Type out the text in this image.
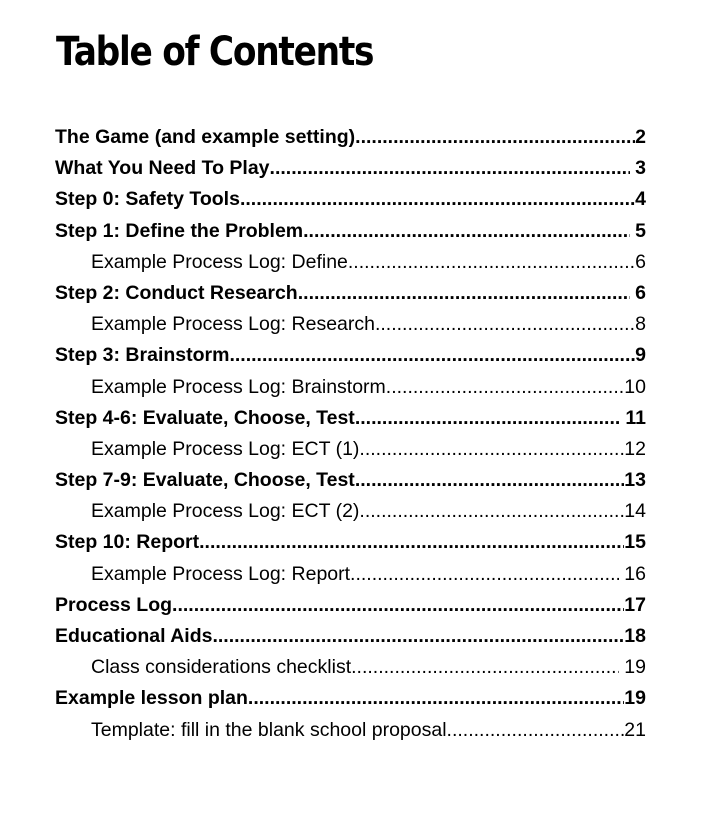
Table of Contents
The Game (and example setting) .....	2
What You Need To Play .....	3
Step 0: Safety Tools .....	4
Step 1: Define the Problem .....	5
Example Process Log: Define .....	6
Step 2: Conduct Research .....	6
Example Process Log: Research .....	8
Step 3: Brainstorm .....	9
Example Process Log: Brainstorm .....	10
Step 4-6: Evaluate, Choose, Test .....	11
Example Process Log: ECT (1) .....	12
Step 7-9: Evaluate, Choose, Test .....	13
Example Process Log: ECT (2) .....	14
Step 10: Report .....	15
Example Process Log: Report .....	16
Process Log .....	17
Educational Aids .....	18
Class considerations checklist .....	19
Example lesson plan .....	19
Template: fill in the blank school proposal .....	21
